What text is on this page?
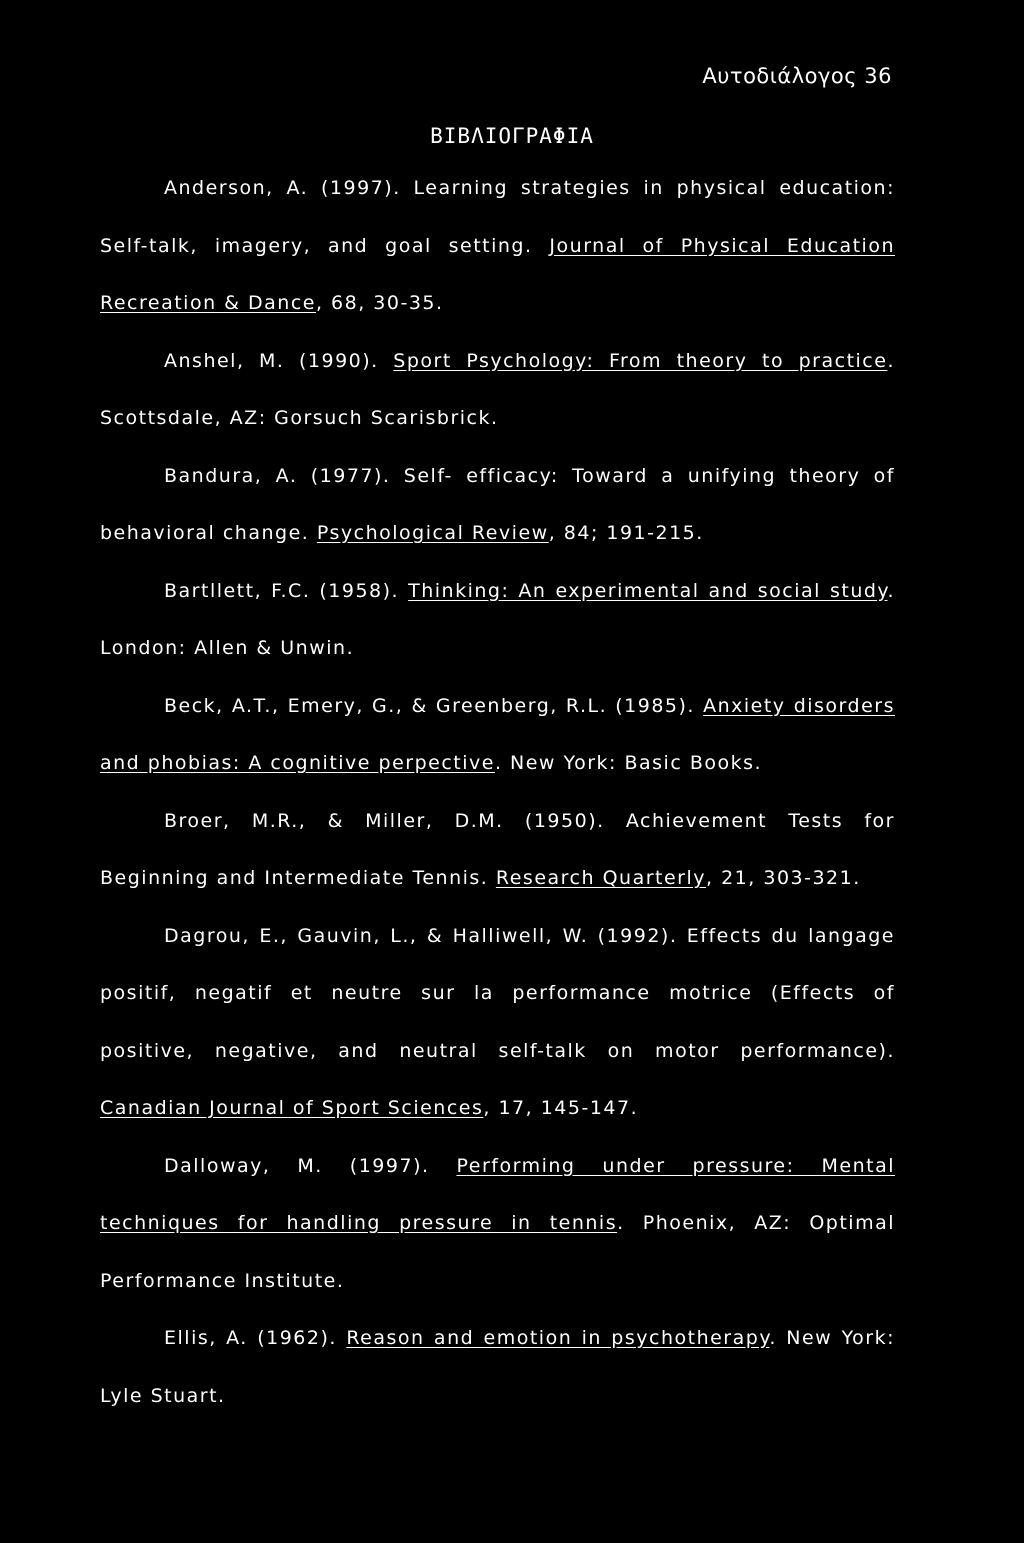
Αυτοδιάλογος 36
ΒΙΒΛΙΟΓΡΑΦΙΑ

Anderson, A. (1997). Learning strategies in physical education: Self-talk, imagery, and goal setting. Journal of Physical Education Recreation & Dance, 68, 30-35.

Anshel, M. (1990). Sport Psychology: From theory to practice. Scottsdale, AZ: Gorsuch Scarisbrick.

Bandura, A. (1977). Self- efficacy: Toward a unifying theory of behavioral change. Psychological Review, 84; 191-215.

Bartllett, F.C. (1958). Thinking: An experimental and social study. London: Allen & Unwin.

Beck, A.T., Emery, G., & Greenberg, R.L. (1985). Anxiety disorders and phobias: A cognitive perpective. New York: Basic Books.

Broer, M.R., & Miller, D.M. (1950). Achievement Tests for Beginning and Intermediate Tennis. Research Quarterly, 21, 303-321.

Dagrou, E., Gauvin, L., & Halliwell, W. (1992). Effects du langage positif, negatif et neutre sur la performance motrice (Effects of positive, negative, and neutral self-talk on motor performance). Canadian Journal of Sport Sciences, 17, 145-147.

Dalloway, M. (1997). Performing under pressure: Mental techniques for handling pressure in tennis. Phoenix, AZ: Optimal Performance Institute.

Ellis, A. (1962). Reason and emotion in psychotherapy. New York: Lyle Stuart.
